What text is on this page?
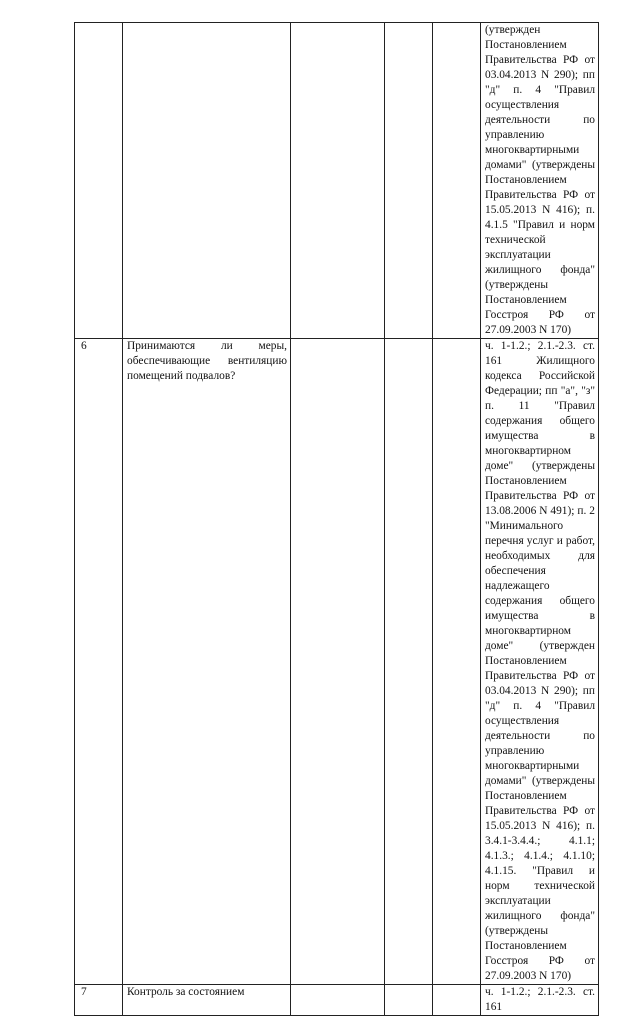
					(утвержден Постановлением Правительства РФ от 03.04.2013 N 290); пп "д" п. 4 "Правил осуществления деятельности по управлению многоквартирными домами" (утверждены Постановлением Правительства РФ от 15.05.2013 N 416); п. 4.1.5 "Правил и норм технической эксплуатации жилищного фонда" (утверждены Постановлением Госстроя РФ от 27.09.2003 N 170)
6	Принимаются ли меры, обеспечивающие вентиляцию помещений подвалов?				ч. 1-1.2.; 2.1.-2.3. ст. 161 Жилищного кодекса Российской Федерации; пп "а", "з" п. 11 "Правил содержания общего имущества в многоквартирном доме" (утверждены Постановлением Правительства РФ от 13.08.2006 N 491); п. 2 "Минимального перечня услуг и работ, необходимых для обеспечения надлежащего содержания общего имущества в многоквартирном доме" (утвержден Постановлением Правительства РФ от 03.04.2013 N 290); пп "д" п. 4 "Правил осуществления деятельности по управлению многоквартирными домами" (утверждены Постановлением Правительства РФ от 15.05.2013 N 416); п. 3.4.1-3.4.4.; 4.1.1; 4.1.3.; 4.1.4.; 4.1.10; 4.1.15. "Правил и норм технической эксплуатации жилищного фонда" (утверждены Постановлением Госстроя РФ от 27.09.2003 N 170)
7	Контроль за состоянием				ч. 1-1.2.; 2.1.-2.3. ст. 161
